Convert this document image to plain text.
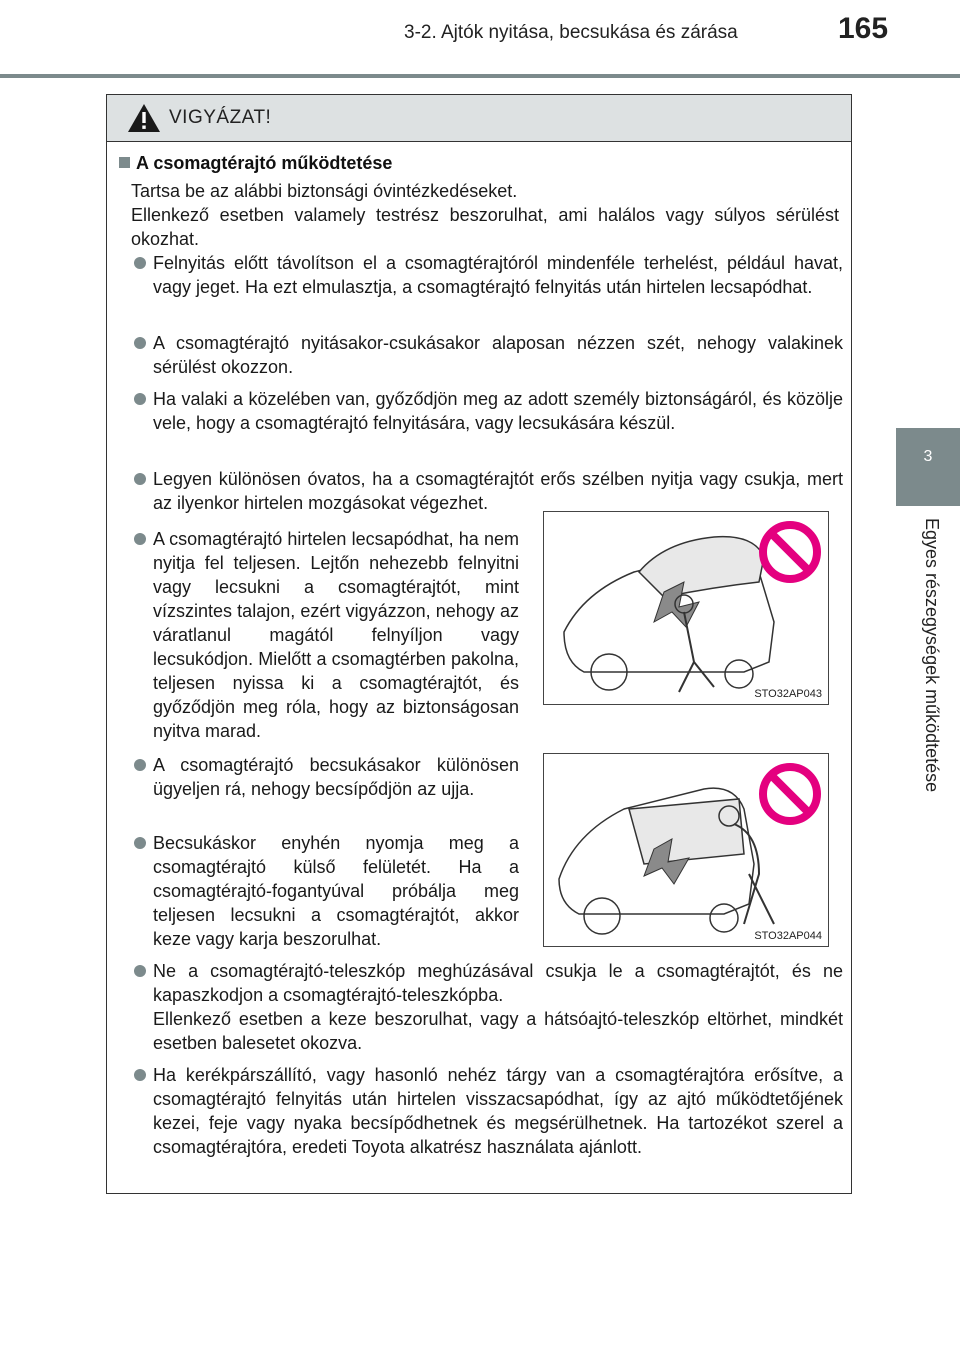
3-2. Ajtók nyitása, becsukása és zárása	165
3
Egyes részegységek működtetése
VIGYÁZAT!
A csomagtérajtó működtetése
Tartsa be az alábbi biztonsági óvintézkedéseket.
Ellenkező esetben valamely testrész beszorulhat, ami halálos vagy súlyos sérülést okozhat.
Felnyitás előtt távolítson el a csomagtérajtóról mindenféle terhelést, például havat, vagy jeget. Ha ezt elmulasztja, a csomagtérajtó felnyitás után hirtelen lecsapódhat.
A csomagtérajtó nyitásakor-csukásakor alaposan nézzen szét, nehogy valakinek sérülést okozzon.
Ha valaki a közelében van, győződjön meg az adott személy biztonságáról, és közölje vele, hogy a csomagtérajtó felnyitására, vagy lecsukására készül.
Legyen különösen óvatos, ha a csomagtérajtót erős szélben nyitja vagy csukja, mert az ilyenkor hirtelen mozgásokat végezhet.
A csomagtérajtó hirtelen lecsapódhat, ha nem nyitja fel teljesen. Lejtőn nehezebb felnyitni vagy lecsukni a csomagtérajtót, mint vízszintes talajon, ezért vigyázzon, nehogy az váratlanul magától felnyíljon vagy lecsukódjon. Mielőtt a csomagtérben pakolna, teljesen nyissa ki a csomagtérajtót, és győződjön meg róla, hogy az biztonságosan nyitva marad.
STO32AP043
A csomagtérajtó becsukásakor különösen ügyeljen rá, nehogy becsípődjön az ujja.
Becsukáskor enyhén nyomja meg a csomagtérajtó külső felületét. Ha a csomagtérajtó-fogantyúval próbálja meg teljesen lecsukni a csomagtérajtót, akkor keze vagy karja beszorulhat.	STO32AP044
Ne a csomagtérajtó-teleszkóp meghúzásával csukja le a csomagtérajtót, és ne kapaszkodjon a csomagtérajtó-teleszkópba.
Ellenkező esetben a keze beszorulhat, vagy a hátsóajtó-teleszkóp eltörhet, mindkét esetben balesetet okozva.
Ha kerékpárszállító, vagy hasonló nehéz tárgy van a csomagtérajtóra erősítve, a csomagtérajtó felnyitás után hirtelen visszacsapódhat, így az ajtó működtetőjének kezei, feje vagy nyaka becsípődhetnek és megsérülhetnek. Ha tartozékot szerel a csomagtérajtóra, eredeti Toyota alkatrész használata ajánlott.
